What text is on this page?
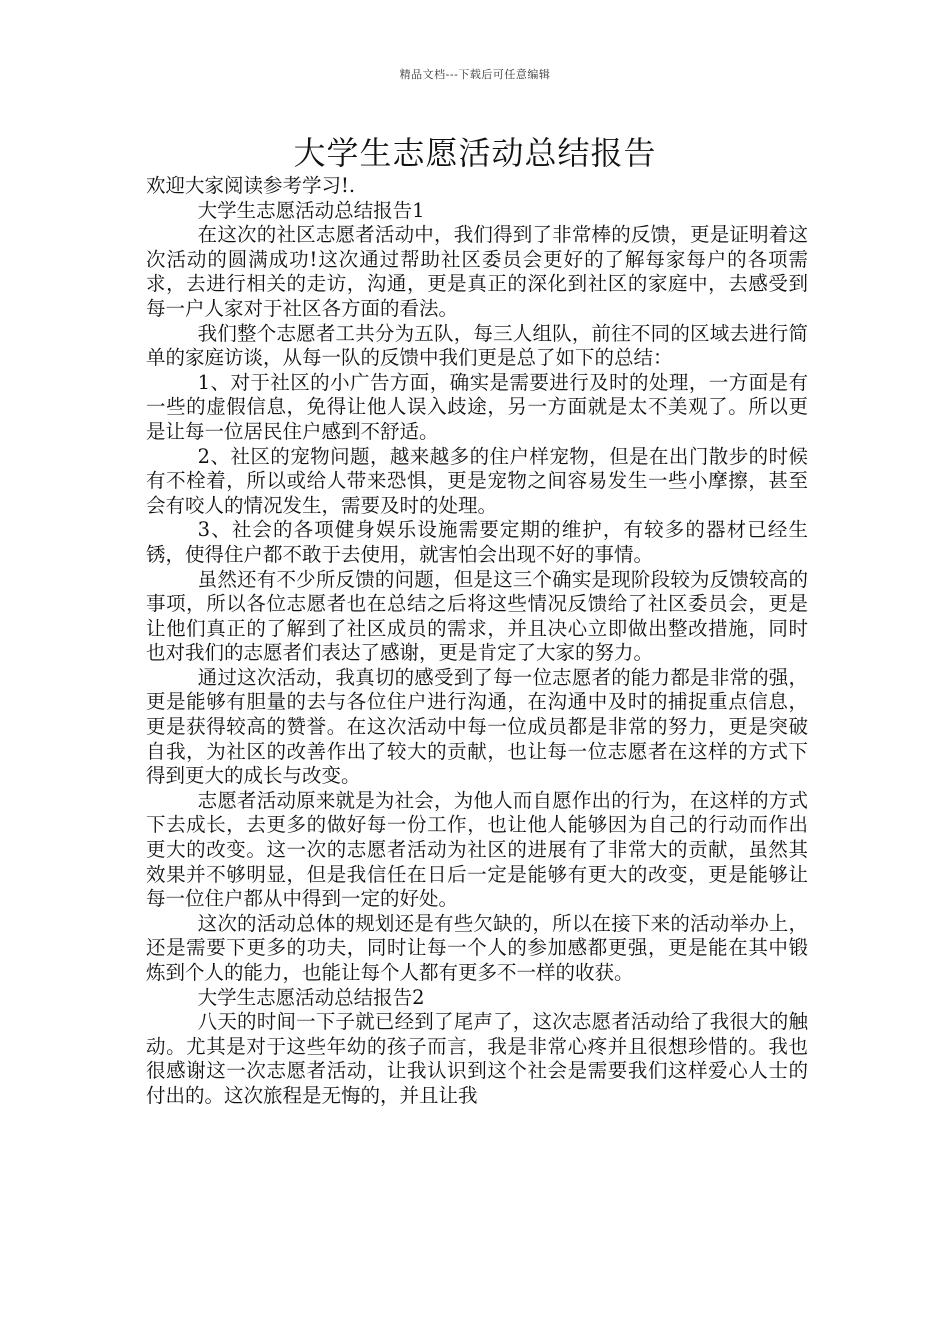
精品文档---下载后可任意编辑
大学生志愿活动总结报告

欢迎大家阅读参考学习!.

大学生志愿活动总结报告1

在这次的社区志愿者活动中，我们得到了非常棒的反馈，更是证明着这次活动的圆满成功!这次通过帮助社区委员会更好的了解每家每户的各项需求，去进行相关的走访，沟通，更是真正的深化到社区的家庭中，去感受到每一户人家对于社区各方面的看法。

我们整个志愿者工共分为五队，每三人组队，前往不同的区域去进行简单的家庭访谈，从每一队的反馈中我们更是总了如下的总结：

1、对于社区的小广告方面，确实是需要进行及时的处理，一方面是有一些的虚假信息，免得让他人误入歧途，另一方面就是太不美观了。所以更是让每一位居民住户感到不舒适。

2、社区的宠物问题，越来越多的住户样宠物，但是在出门散步的时候有不栓着，所以或给人带来恐惧，更是宠物之间容易发生一些小摩擦，甚至会有咬人的情况发生，需要及时的处理。

3、社会的各项健身娱乐设施需要定期的维护，有较多的器材已经生锈，使得住户都不敢于去使用，就害怕会出现不好的事情。

虽然还有不少所反馈的问题，但是这三个确实是现阶段较为反馈较高的事项，所以各位志愿者也在总结之后将这些情况反馈给了社区委员会，更是让他们真正的了解到了社区成员的需求，并且决心立即做出整改措施，同时也对我们的志愿者们表达了感谢，更是肯定了大家的努力。

通过这次活动，我真切的感受到了每一位志愿者的能力都是非常的强，更是能够有胆量的去与各位住户进行沟通，在沟通中及时的捕捉重点信息，更是获得较高的赞誉。在这次活动中每一位成员都是非常的努力，更是突破自我，为社区的改善作出了较大的贡献，也让每一位志愿者在这样的方式下得到更大的成长与改变。

志愿者活动原来就是为社会，为他人而自愿作出的行为，在这样的方式下去成长，去更多的做好每一份工作，也让他人能够因为自己的行动而作出更大的改变。这一次的志愿者活动为社区的进展有了非常大的贡献，虽然其效果并不够明显，但是我信任在日后一定是能够有更大的改变，更是能够让每一位住户都从中得到一定的好处。

这次的活动总体的规划还是有些欠缺的，所以在接下来的活动举办上，还是需要下更多的功夫，同时让每一个人的参加感都更强，更是能在其中锻炼到个人的能力，也能让每个人都有更多不一样的收获。

大学生志愿活动总结报告2

八天的时间一下子就已经到了尾声了，这次志愿者活动给了我很大的触动。尤其是对于这些年幼的孩子而言，我是非常心疼并且很想珍惜的。我也很感谢这一次志愿者活动，让我认识到这个社会是需要我们这样爱心人士的付出的。这次旅程是无悔的，并且让我
